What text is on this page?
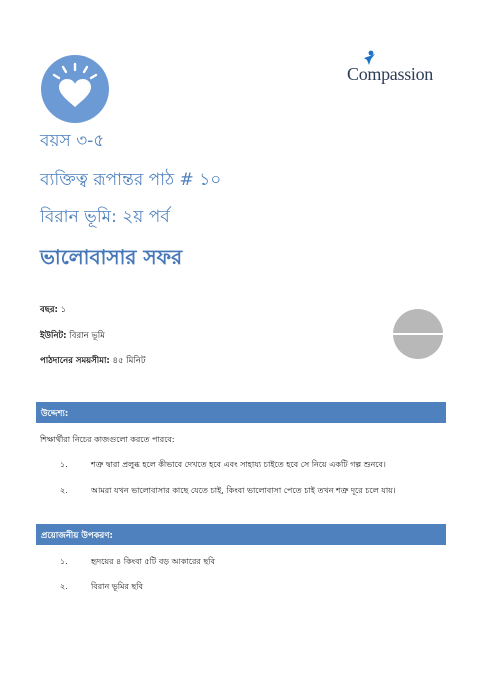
Compassion
বয়স ৩-৫
ব্যক্তিত্ব রূপান্তর পাঠ # ১০
বিরান ভূমি: ২য় পর্ব
ভালোবাসার সফর
বছর: ১
ইউনিট: বিরান ভূমি
পাঠদানের সময়সীমা: ৪৫ মিনিট
উদ্দেশ্য:
শিক্ষার্থীরা নিচের কাজগুলো করতে পারবে:
১.	শত্রু দ্বারা প্রলুব্ধ হলে কীভাবে দেখতে হবে এবং সাহায্য চাইতে হবে সে নিয়ে একটি গল্প শুনবে।
২.	আমরা যখন ভালোবাসার কাছে যেতে চাই, কিংবা ভালোবাসা পেতে চাই তখন শত্রু দূরে চলে যায়।
প্রয়োজনীয় উপকরণ:
১.	হৃদয়ের ৪ কিংবা ৫টি বড় আকারের ছবি
২.	বিরান ভূমির ছবি
